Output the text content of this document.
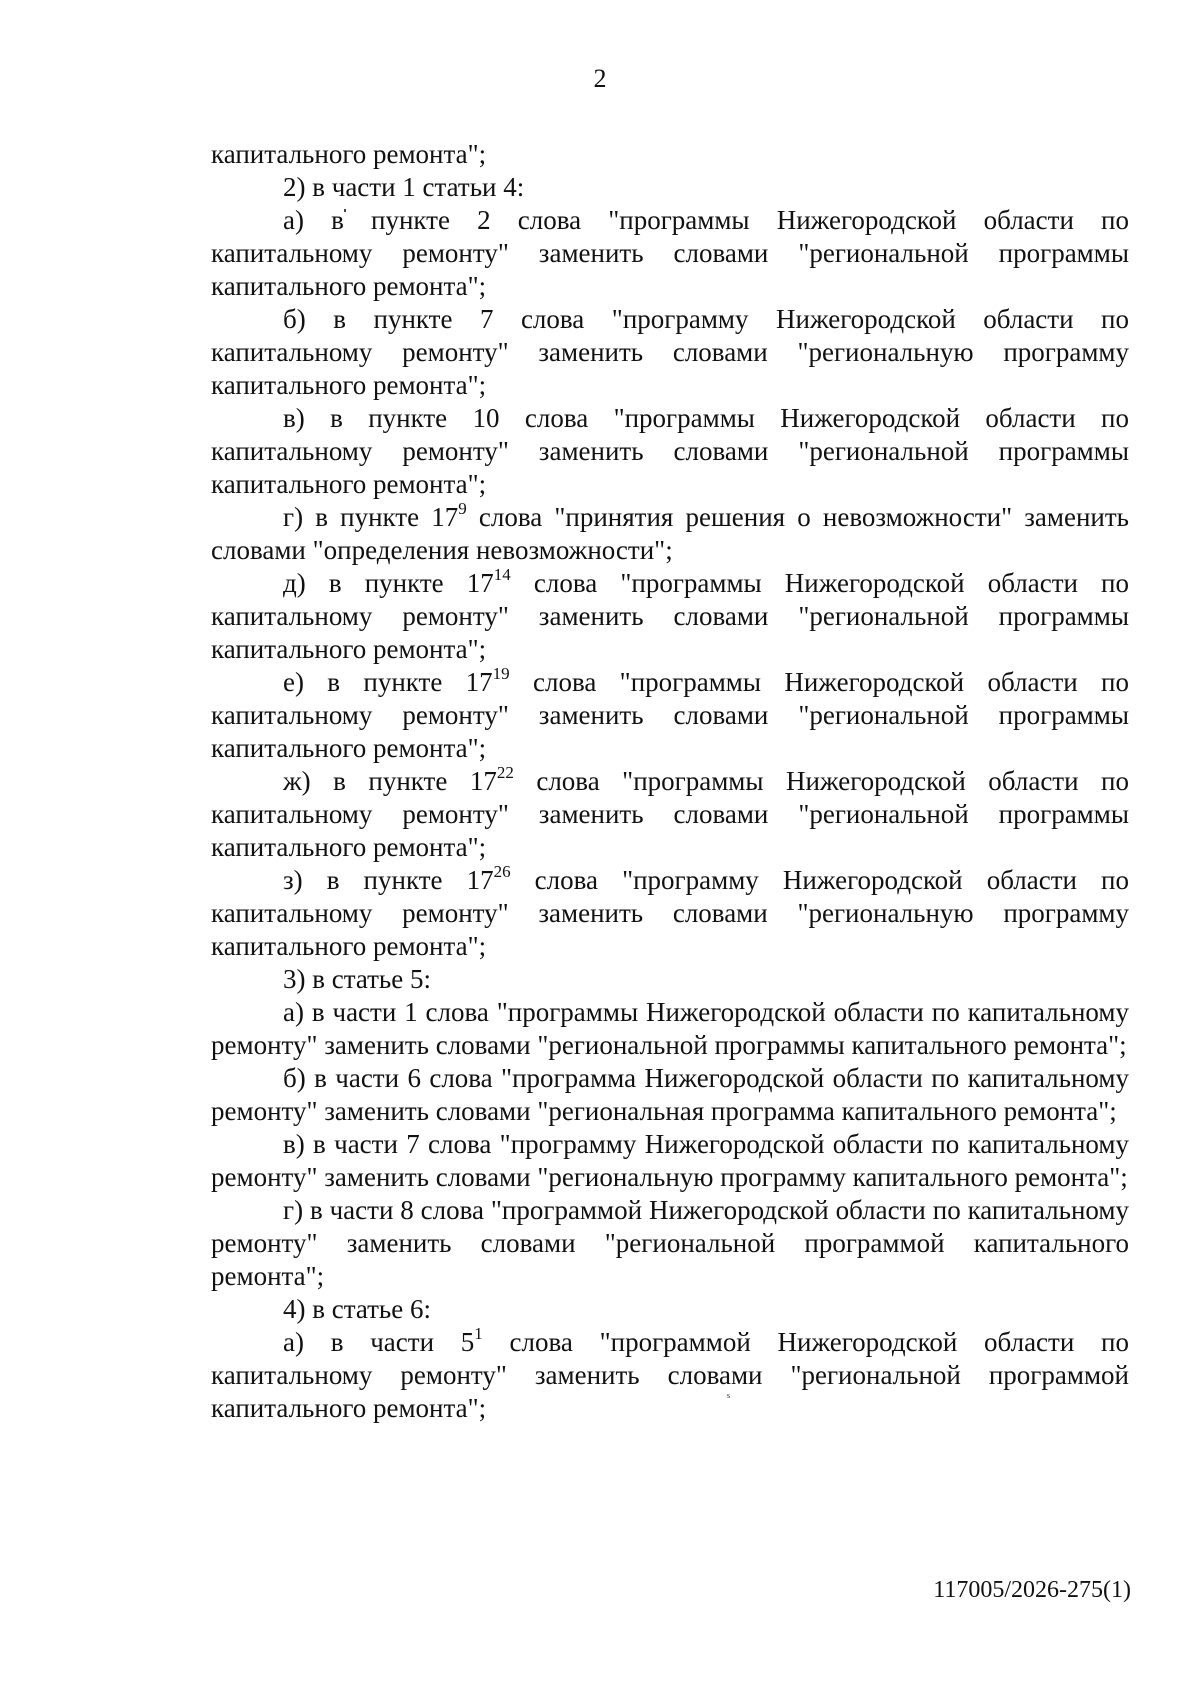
2

капитального ремонта";

2) в части 1 статьи 4:

а) в пункте 2 слова "программы Нижегородской области по капитальному ремонту" заменить словами "региональной программы капитального ремонта";

б) в пункте 7 слова "программу Нижегородской области по капитальному ремонту" заменить словами "региональную программу капитального ремонта";

в) в пункте 10 слова "программы Нижегородской области по капитальному ремонту" заменить словами "региональной программы капитального ремонта";

г) в пункте $17^9$ слова "принятия решения о невозможности" заменить словами "определения невозможности";

д) в пункте $17^{14}$ слова "программы Нижегородской области по капитальному ремонту" заменить словами "региональной программы капитального ремонта";

е) в пункте $17^{19}$ слова "программы Нижегородской области по капитальному ремонту" заменить словами "региональной программы капитального ремонта";

ж) в пункте $17^{22}$ слова "программы Нижегородской области по капитальному ремонту" заменить словами "региональной программы капитального ремонта";

з) в пункте $17^{26}$ слова "программу Нижегородской области по капитальному ремонту" заменить словами "региональную программу капитального ремонта";

3) в статье 5:

а) в части 1 слова "программы Нижегородской области по капитальному ремонту" заменить словами "региональной программы капитального ремонта";

б) в части 6 слова "программа Нижегородской области по капитальному ремонту" заменить словами "региональная программа капитального ремонта";

в) в части 7 слова "программу Нижегородской области по капитальному ремонту" заменить словами "региональную программу капитального ремонта";

г) в части 8 слова "программой Нижегородской области по капитальному ремонту" заменить словами "региональной программой капитального ремонта";

4) в статье 6:

а) в части $5^1$ слова "программой Нижегородской области по капитальному ремонту" заменить словами "региональной программой капитального ремонта";	ˢ
117005/2026-275(1)
